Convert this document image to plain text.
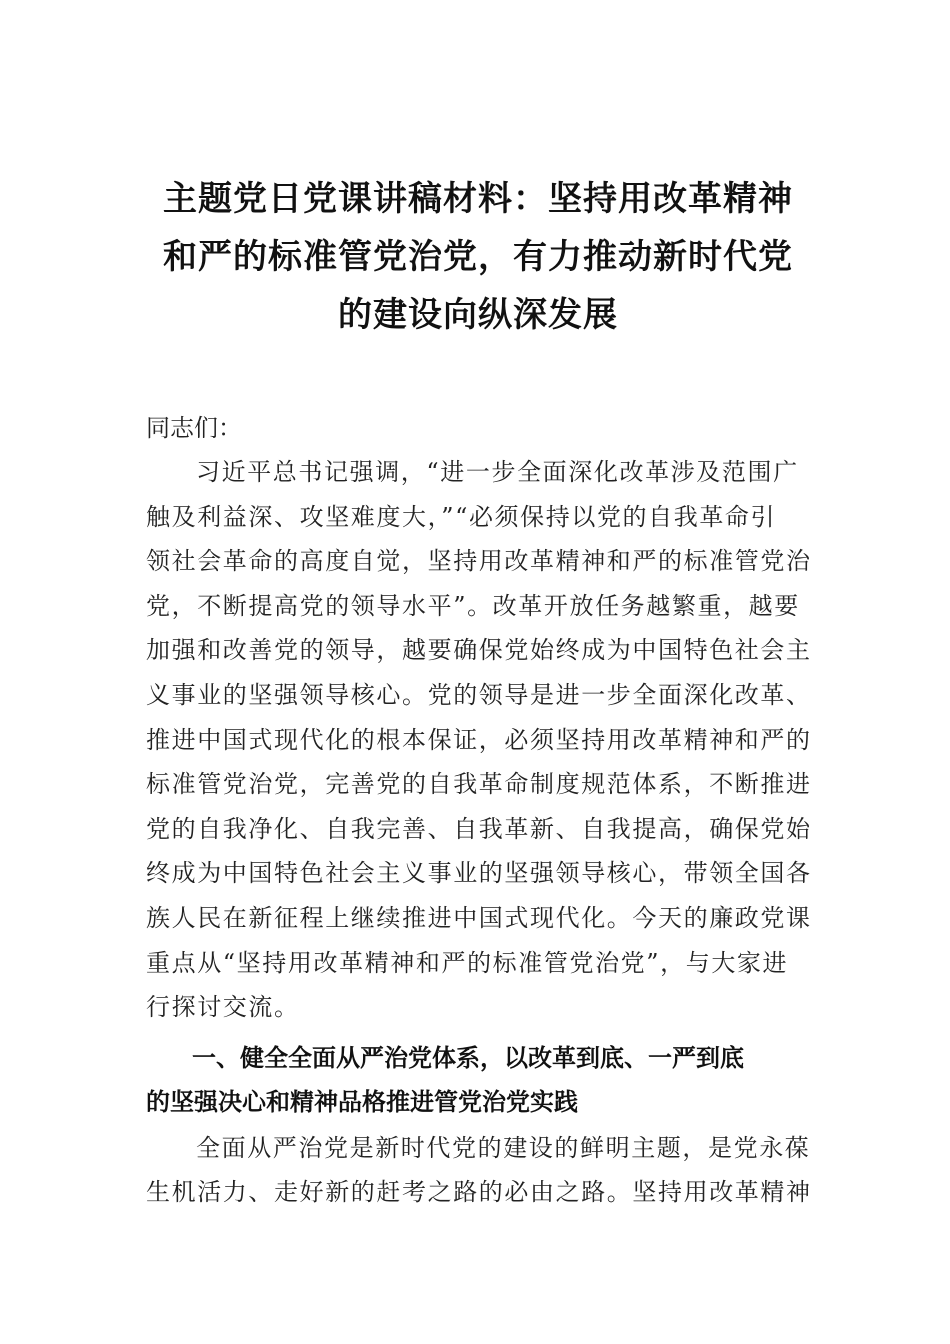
主题党日党课讲稿材料：坚持用改革精神
和严的标准管党治党，有力推动新时代党
的建设向纵深发展
同志们：
习近平总书记强调，“进一步全面深化改革涉及范围广
触及利益深、攻坚难度大，”“必须保持以党的自我革命引
领社会革命的高度自觉，坚持用改革精神和严的标准管党治
党，不断提高党的领导水平”。改革开放任务越繁重，越要
加强和改善党的领导，越要确保党始终成为中国特色社会主
义事业的坚强领导核心。党的领导是进一步全面深化改革、
推进中国式现代化的根本保证，必须坚持用改革精神和严的
标准管党治党，完善党的自我革命制度规范体系，不断推进
党的自我净化、自我完善、自我革新、自我提高，确保党始
终成为中国特色社会主义事业的坚强领导核心，带领全国各
族人民在新征程上继续推进中国式现代化。今天的廉政党课
重点从“坚持用改革精神和严的标准管党治党”，与大家进
行探讨交流。
一、健全全面从严治党体系，以改革到底、一严到底
的坚强决心和精神品格推进管党治党实践
全面从严治党是新时代党的建设的鲜明主题，是党永葆
生机活力、走好新的赶考之路的必由之路。坚持用改革精神
